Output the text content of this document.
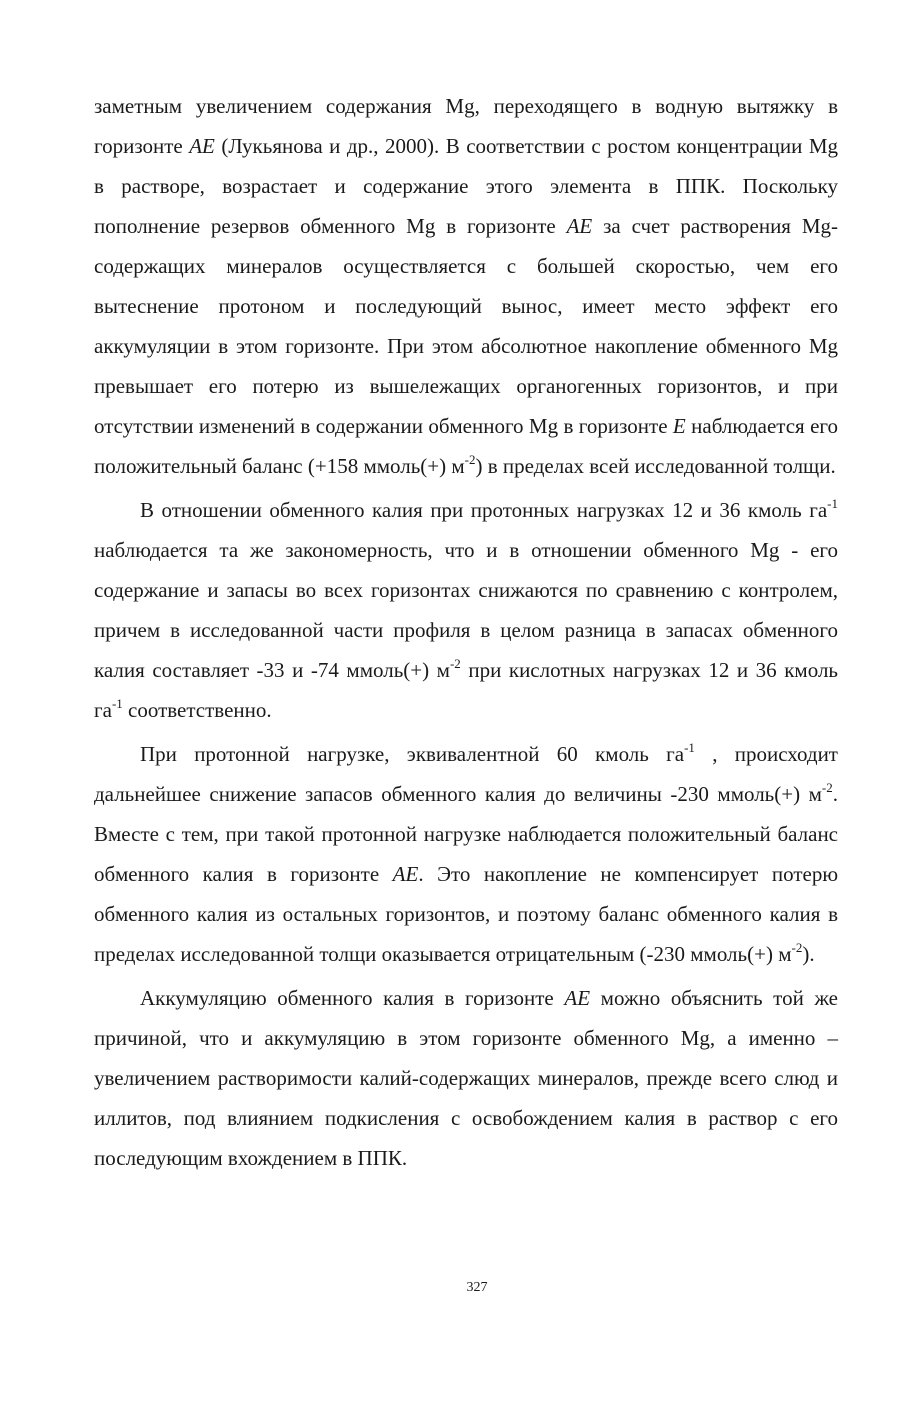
заметным увеличением содержания Mg, переходящего в водную вытяжку в горизонте AE (Лукьянова и др., 2000). В соответствии с ростом концентрации Mg в растворе, возрастает и содержание этого элемента в ППК. Поскольку пополнение резервов обменного Mg в горизонте AE за счет растворения Mg-содержащих минералов осуществляется с большей скоростью, чем его вытеснение протоном и последующий вынос, имеет место эффект его аккумуляции в этом горизонте. При этом абсолютное накопление обменного Mg превышает его потерю из вышележащих органогенных горизонтов, и при отсутствии изменений в содержании обменного Mg в горизонте E наблюдается его положительный баланс (+158 ммоль(+) $м^{-2}$) в пределах всей исследованной толщи.

В отношении обменного калия при протонных нагрузках 12 и 36 кмоль $га^{-1}$ наблюдается та же закономерность, что и в отношении обменного Mg - его содержание и запасы во всех горизонтах снижаются по сравнению с контролем, причем в исследованной части профиля в целом разница в запасах обменного калия составляет -33 и -74 ммоль(+) $м^{-2}$ при кислотных нагрузках 12 и 36 кмоль $га^{-1}$ соответственно.

При протонной нагрузке, эквивалентной 60 кмоль $га^{-1}$ , происходит дальнейшее снижение запасов обменного калия до величины -230 ммоль(+) $м^{-2}$. Вместе с тем, при такой протонной нагрузке наблюдается положительный баланс обменного калия в горизонте AE. Это накопление не компенсирует потерю обменного калия из остальных горизонтов, и поэтому баланс обменного калия в пределах исследованной толщи оказывается отрицательным (-230 ммоль(+) $м^{-2}$).

Аккумуляцию обменного калия в горизонте AE можно объяснить той же причиной, что и аккумуляцию в этом горизонте обменного Mg, а именно – увеличением растворимости калий-содержащих минералов, прежде всего слюд и иллитов, под влиянием подкисления с освобождением калия в раствор с его последующим вхождением в ППК.

327
